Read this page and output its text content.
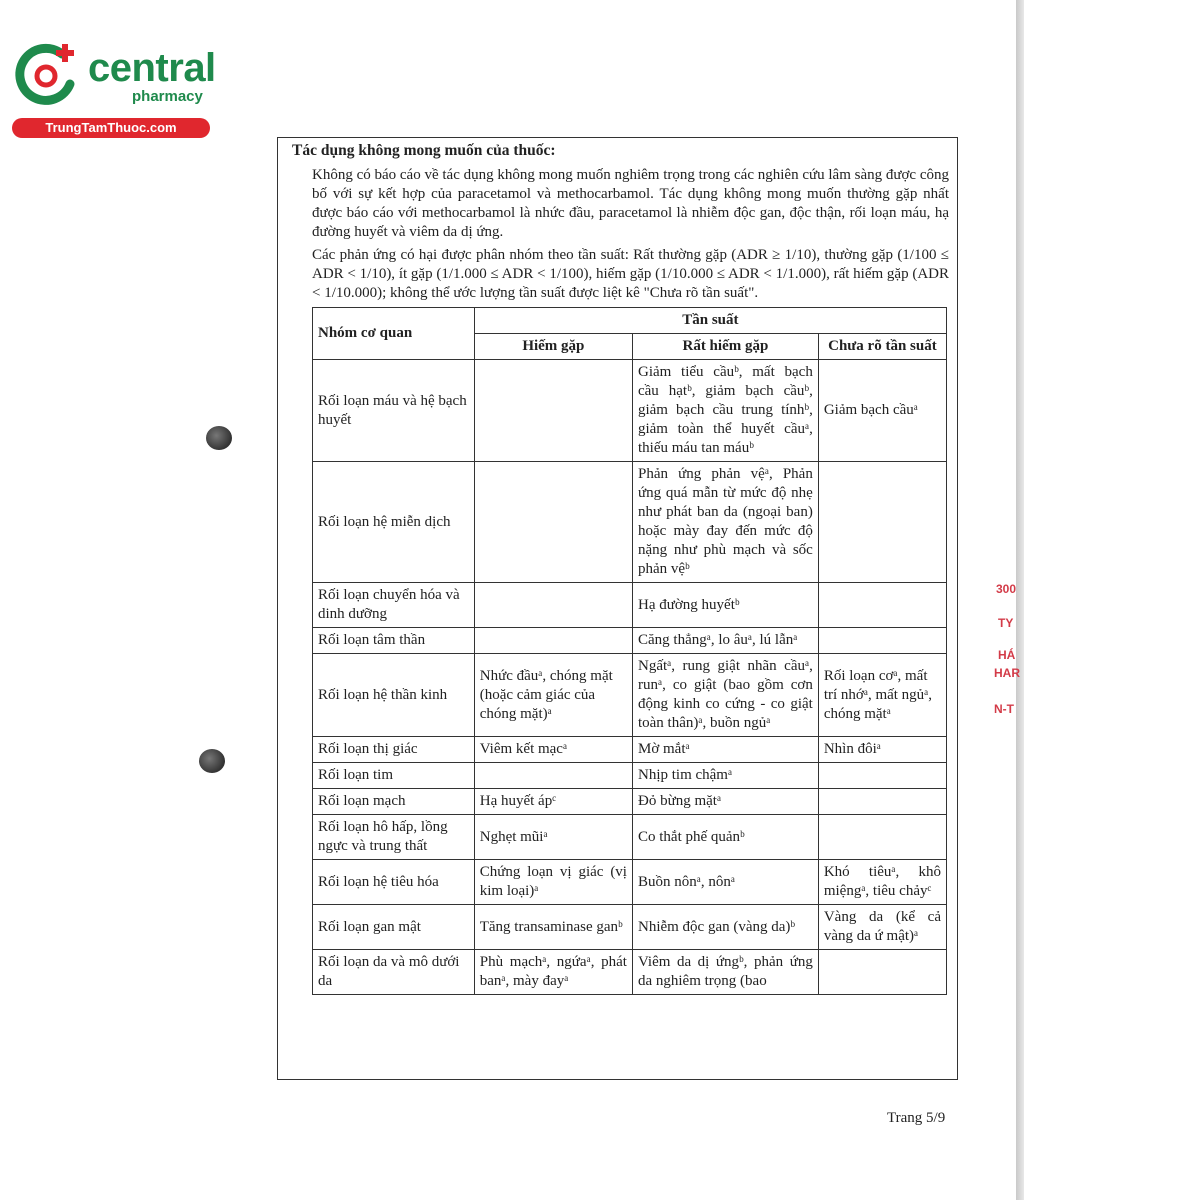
central
pharmacy
TrungTamThuoc.com
300
TY
HÁ
HAR
N-T
Tác dụng không mong muốn của thuốc:

Không có báo cáo về tác dụng không mong muốn nghiêm trọng trong các nghiên cứu lâm sàng được công bố với sự kết hợp của paracetamol và methocarbamol. Tác dụng không mong muốn thường gặp nhất được báo cáo với methocarbamol là nhức đầu, paracetamol là nhiễm độc gan, độc thận, rối loạn máu, hạ đường huyết và viêm da dị ứng.

Các phản ứng có hại được phân nhóm theo tần suất: Rất thường gặp (ADR ≥ 1/10), thường gặp (1/100 ≤ ADR < 1/10), ít gặp (1/1.000 ≤ ADR < 1/100), hiếm gặp (1/10.000 ≤ ADR < 1/1.000), rất hiếm gặp (ADR < 1/10.000); không thể ước lượng tần suất được liệt kê "Chưa rõ tần suất".

Nhóm cơ quan	Tần suất		
	Hiếm gặp	Rất hiếm gặp	Chưa rõ tần suất
Rối loạn máu và hệ bạch huyết		Giảm tiểu cầuᵇ, mất bạch cầu hạtᵇ, giảm bạch cầuᵇ, giảm bạch cầu trung tínhᵇ, giảm toàn thể huyết cầuᵃ, thiếu máu tan máuᵇ	Giảm bạch cầuᵃ
Rối loạn hệ miễn dịch		Phản ứng phản vệᵃ, Phản ứng quá mẫn từ mức độ nhẹ như phát ban da (ngoại ban) hoặc mày đay đến mức độ nặng như phù mạch và sốc phản vệᵇ	
Rối loạn chuyển hóa và dinh dưỡng		Hạ đường huyếtᵇ	
Rối loạn tâm thần		Căng thẳngᵃ, lo âuᵃ, lú lẫnᵃ	
Rối loạn hệ thần kinh	Nhức đầuᵃ, chóng mặt (hoặc cảm giác của chóng mặt)ᵃ	Ngấtᵃ, rung giật nhãn cầuᵃ, runᵃ, co giật (bao gồm cơn động kinh co cứng - co giật toàn thân)ᵃ, buồn ngủᵃ	Rối loạn cơᵃ, mất trí nhớᵃ, mất ngủᵃ, chóng mặtᵃ
Rối loạn thị giác	Viêm kết mạcᵃ	Mờ mắtᵃ	Nhìn đôiᵃ
Rối loạn tim		Nhịp tim chậmᵃ	
Rối loạn mạch	Hạ huyết ápᶜ	Đỏ bừng mặtᵃ	
Rối loạn hô hấp, lồng ngực và trung thất	Nghẹt mũiᵃ	Co thắt phế quảnᵇ	
Rối loạn hệ tiêu hóa	Chứng loạn vị giác (vị kim loại)ᵃ	Buồn nônᵃ, nônᵃ	Khó tiêuᵃ, khô miệngᵃ, tiêu chảyᶜ
Rối loạn gan mật	Tăng transaminase ganᵇ	Nhiễm độc gan (vàng da)ᵇ	Vàng da (kể cả vàng da ứ mật)ᵃ
Rối loạn da và mô dưới da	Phù mạchᵃ, ngứaᵃ, phát banᵃ, mày đayᵃ	Viêm da dị ứngᵇ, phản ứng da nghiêm trọng (bao	
Trang 5/9
